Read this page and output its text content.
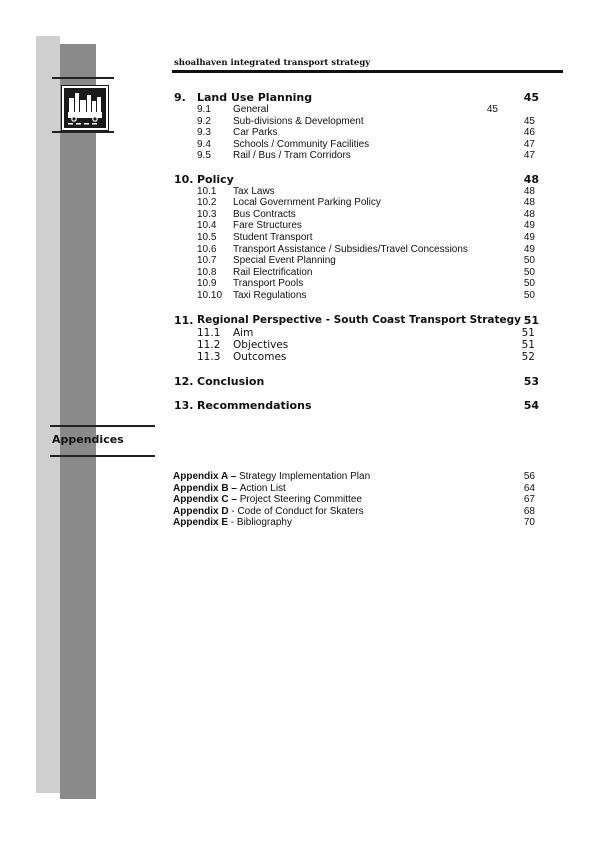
shoalhaven integrated transport strategy
9. Land Use Planning	45
9.1 General	45
9.2 Sub-divisions & Development	45
9.3 Car Parks	46
9.4 Schools / Community Facilities	47
9.5 Rail / Bus / Tram Corridors	47
10. Policy	48
10.1 Tax Laws	48
10.2 Local Government Parking Policy	48
10.3 Bus Contracts	48
10.4 Fare Structures	49
10.5 Student Transport	49
10.6 Transport Assistance / Subsidies/Travel Concessions	49
10.7 Special Event Planning	50
10.8 Rail Electrification	50
10.9 Transport Pools	50
10.10 Taxi Regulations	50
11. Regional Perspective - South Coast Transport Strategy 51
11.1 Aim	51
11.2 Objectives	51
11.3 Outcomes	52
12. Conclusion	53
13. Recommendations	54
Appendices
Appendix A – Strategy Implementation Plan	56
Appendix B – Action List	64
Appendix C – Project Steering Committee	67
Appendix D - Code of Conduct for Skaters	68
Appendix E - Bibliography	70
